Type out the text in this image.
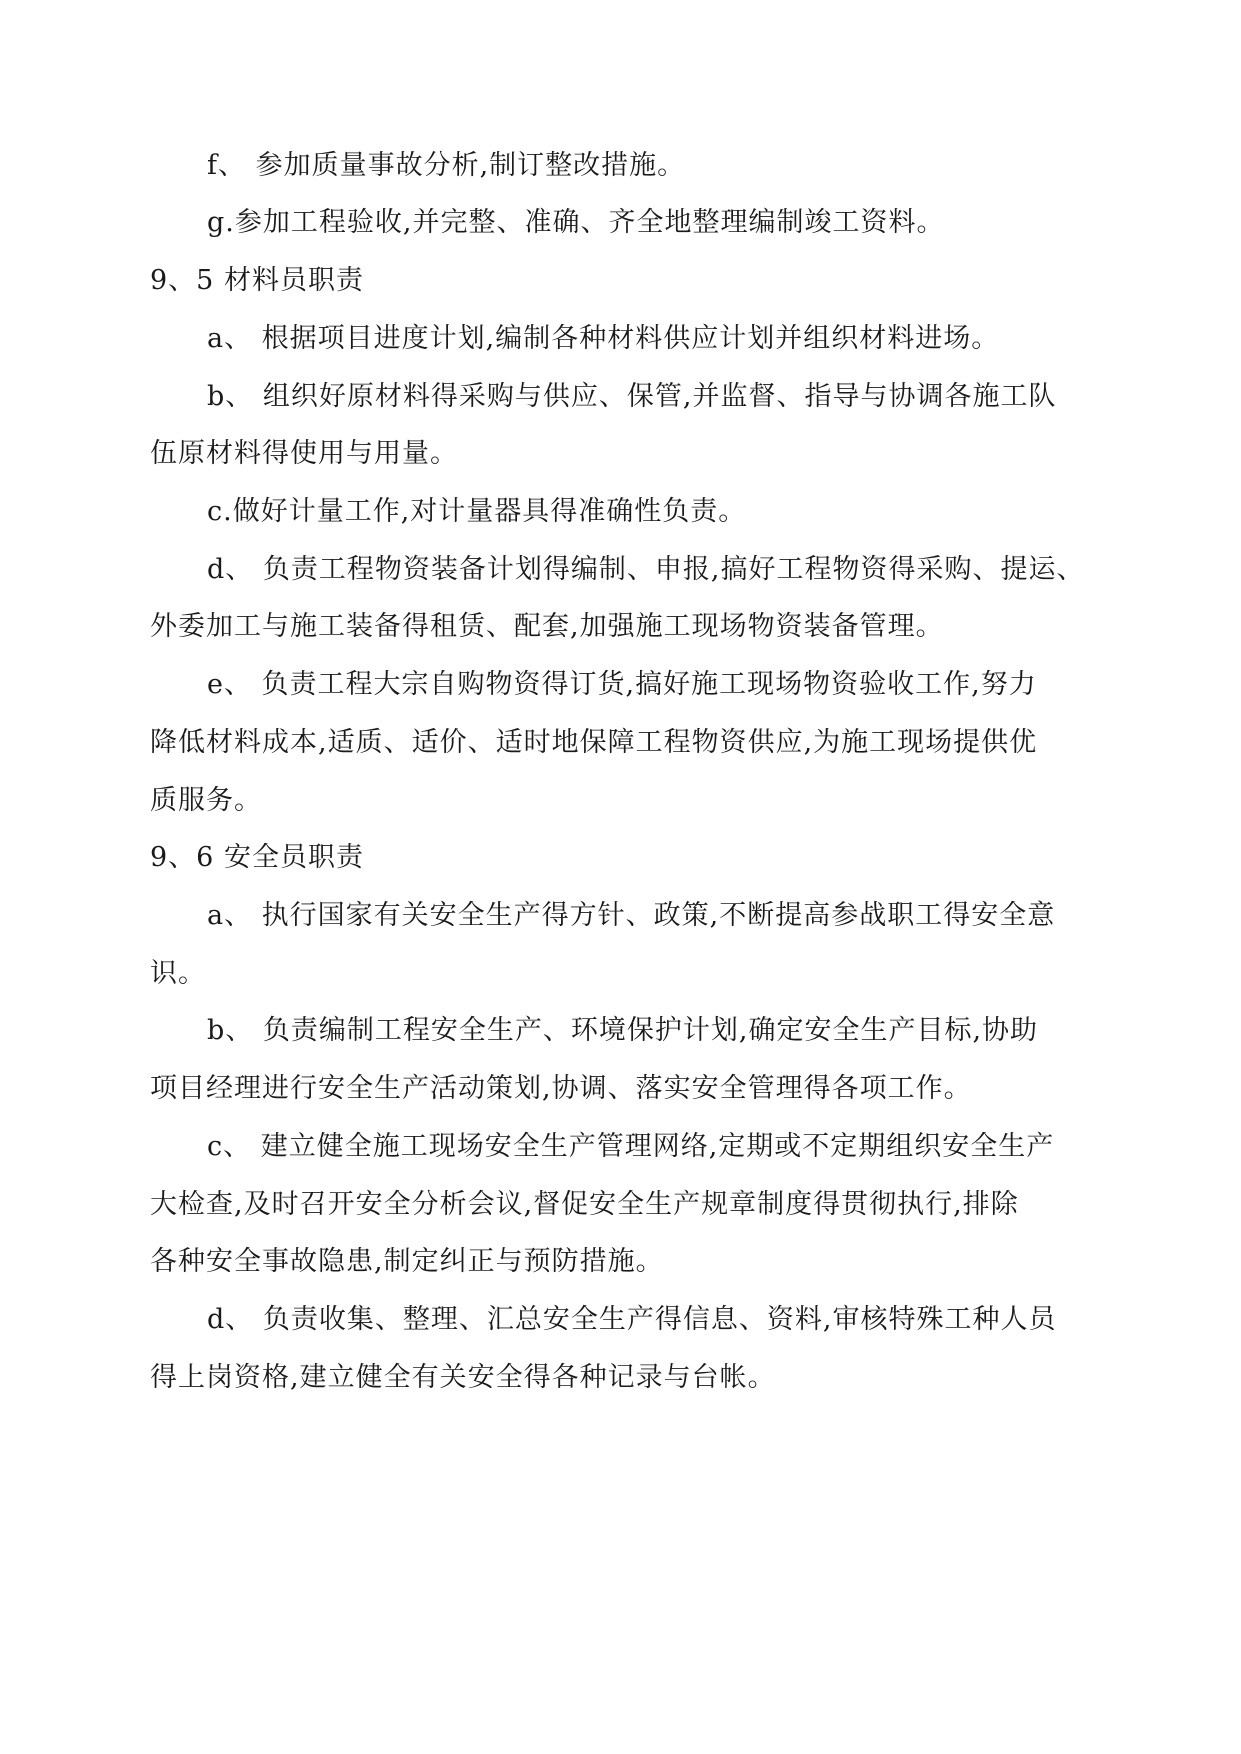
f、 参加质量事故分析,制订整改措施。
g.参加工程验收,并完整、准确、齐全地整理编制竣工资料。
9、5 材料员职责
a、 根据项目进度计划,编制各种材料供应计划并组织材料进场。
b、 组织好原材料得采购与供应、保管,并监督、指导与协调各施工队
伍原材料得使用与用量。
c.做好计量工作,对计量器具得准确性负责。
d、 负责工程物资装备计划得编制、申报,搞好工程物资得采购、提运、
外委加工与施工装备得租赁、配套,加强施工现场物资装备管理。
e、 负责工程大宗自购物资得订货,搞好施工现场物资验收工作,努力
降低材料成本,适质、适价、适时地保障工程物资供应,为施工现场提供优
质服务。
9、6 安全员职责
a、 执行国家有关安全生产得方针、政策,不断提高参战职工得安全意
识。
b、 负责编制工程安全生产、环境保护计划,确定安全生产目标,协助
项目经理进行安全生产活动策划,协调、落实安全管理得各项工作。
c、 建立健全施工现场安全生产管理网络,定期或不定期组织安全生产
大检查,及时召开安全分析会议,督促安全生产规章制度得贯彻执行,排除
各种安全事故隐患,制定纠正与预防措施。
d、 负责收集、整理、汇总安全生产得信息、资料,审核特殊工种人员
得上岗资格,建立健全有关安全得各种记录与台帐。
